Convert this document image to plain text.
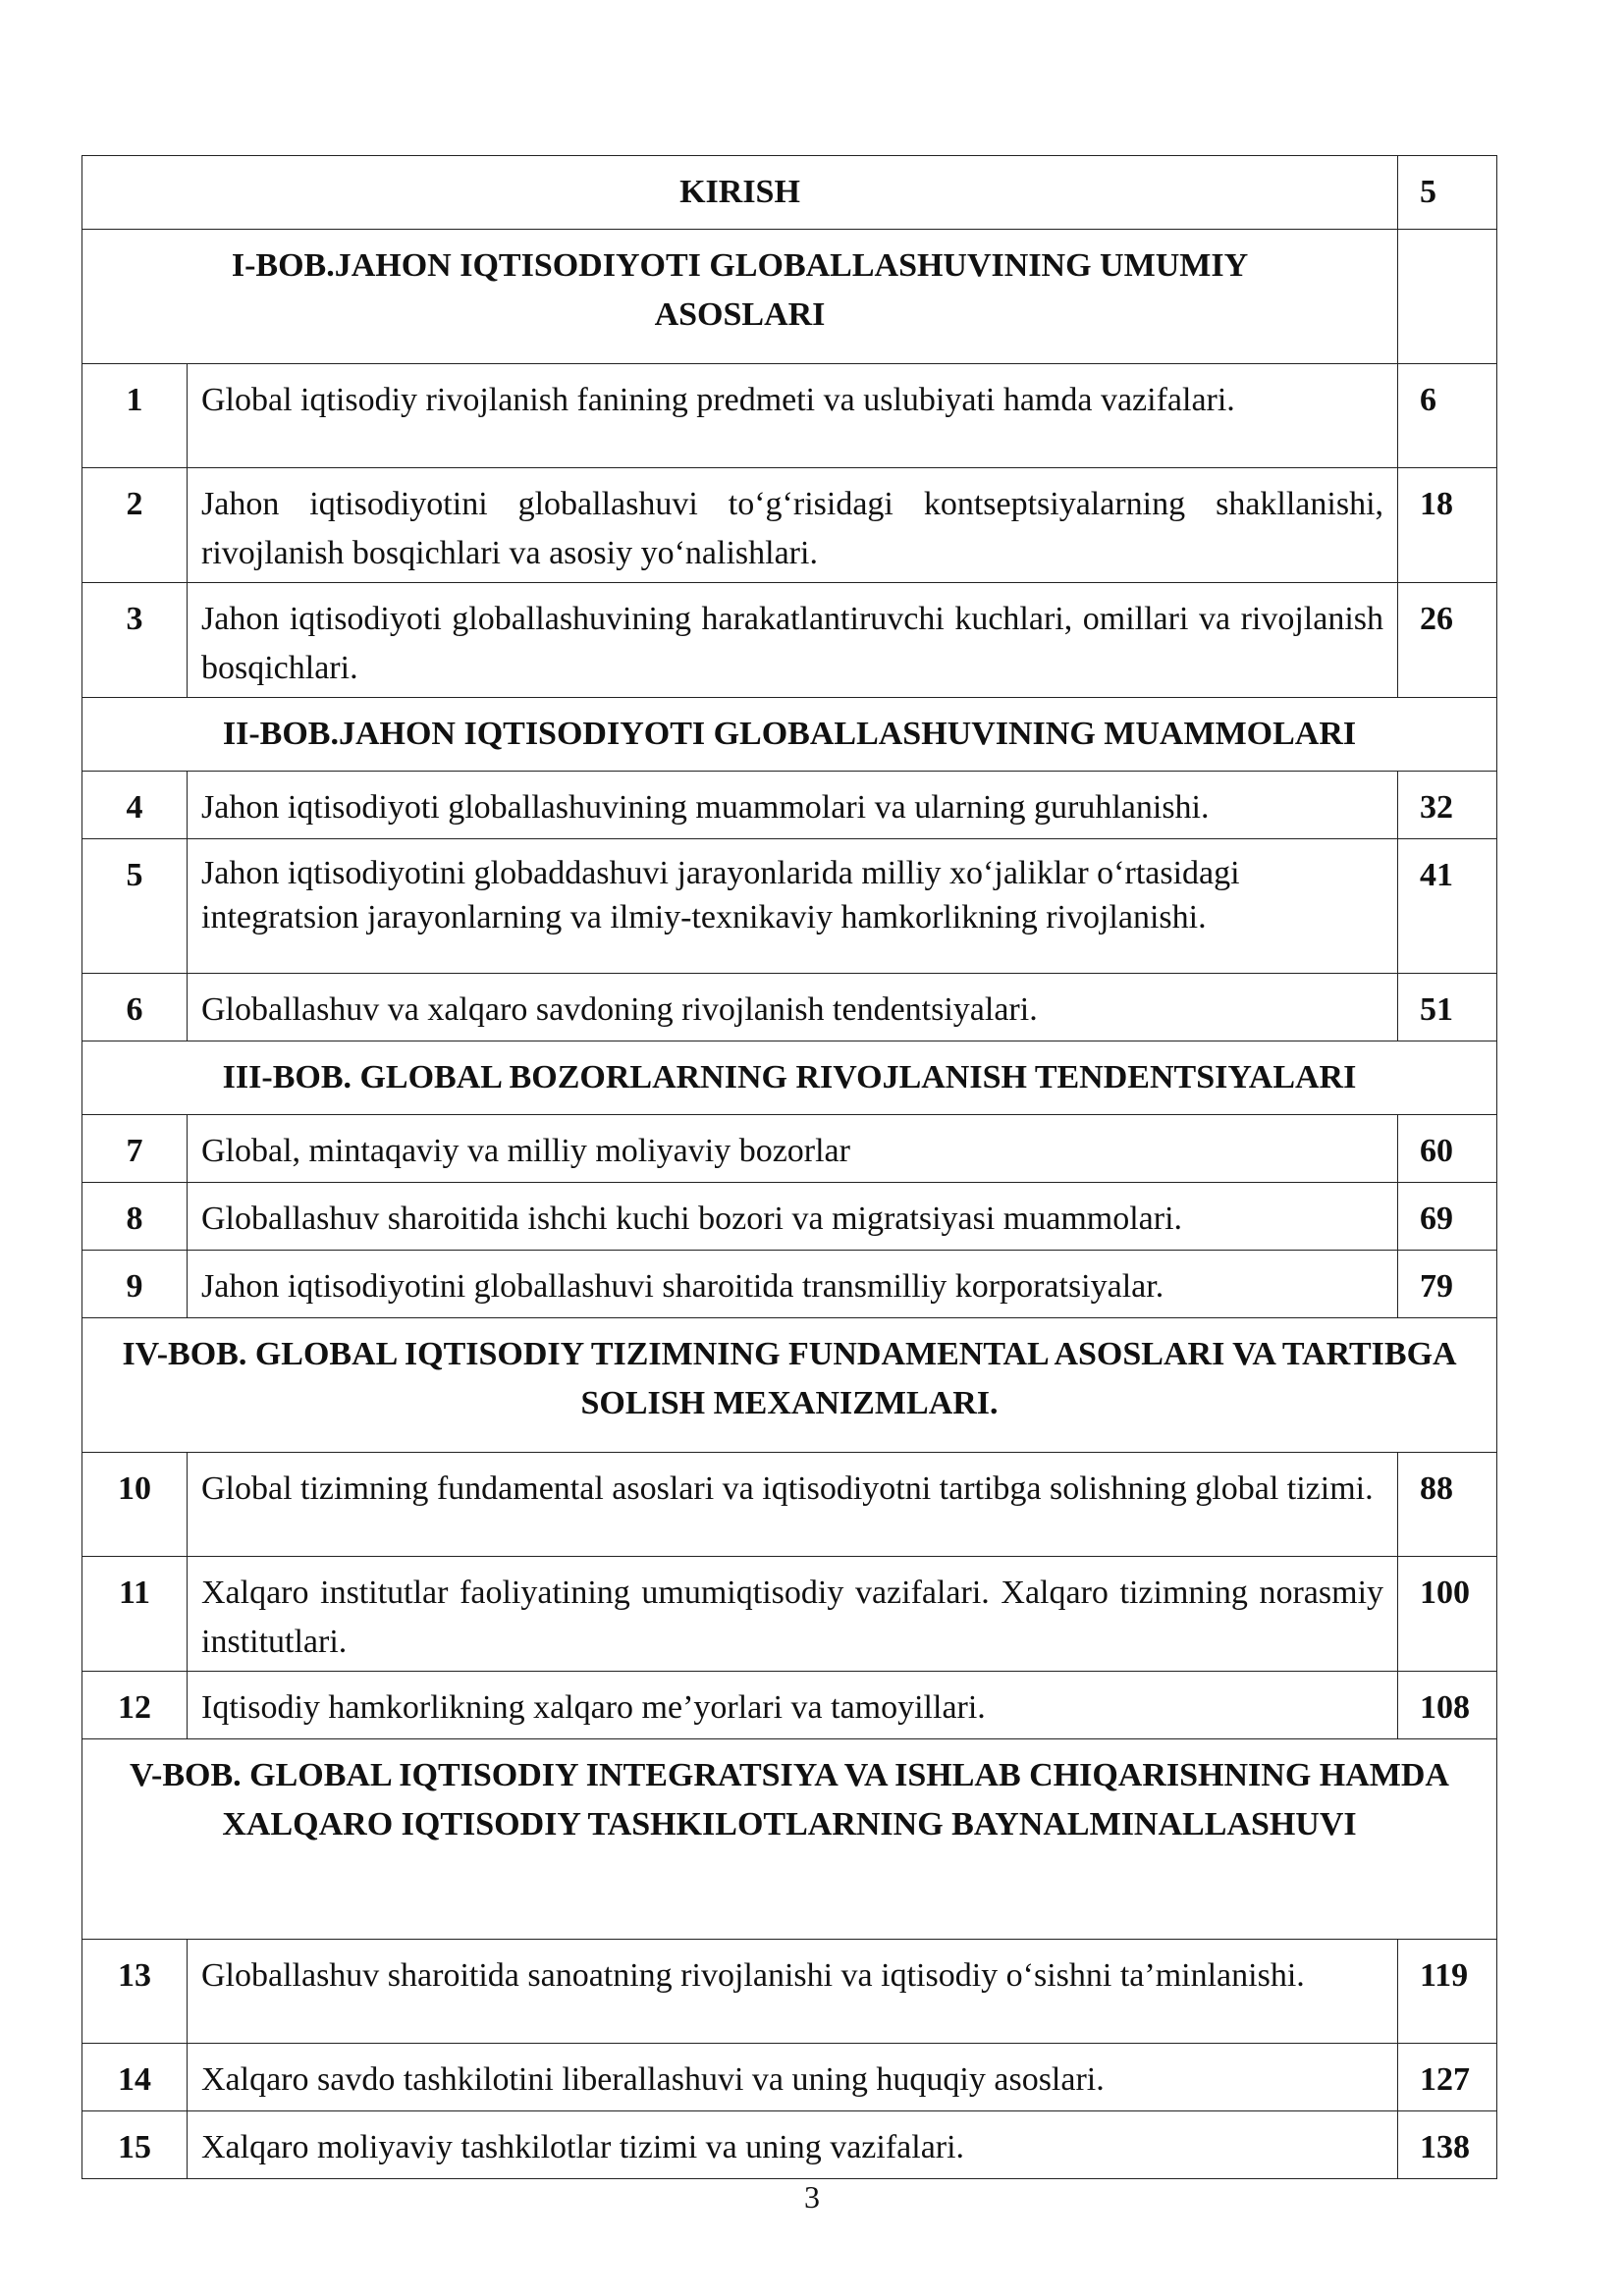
KIRISH		5
I-BOB.JAHON IQTISODIYOTI GLOBALLASHUVINING UMUMIY ASOSLARI		
1	Global iqtisodiy rivojlanish fanining predmeti va uslubiyati hamda vazifalari.	6
2	Jahon iqtisodiyotini globallashuvi to‘g‘risidagi kontseptsiyalarning shakllanishi, rivojlanish bosqichlari va asosiy yo‘nalishlari.	18
3	Jahon iqtisodiyoti globallashuvining harakatlantiruvchi kuchlari, omillari va rivojlanish bosqichlari.	26
II-BOB.JAHON IQTISODIYOTI GLOBALLASHUVINING MUAMMOLARI		
4	Jahon iqtisodiyoti globallashuvining muammolari va ularning guruhlanishi.	32
5	Jahon iqtisodiyotini globaddashuvi jarayonlarida milliy xo‘jaliklar o‘rtasidagi integratsion jarayonlarning va ilmiy-texnikaviy hamkorlikning rivojlanishi.	41
6	Globallashuv va xalqaro savdoning rivojlanish tendentsiyalari.	51
III-BOB. GLOBAL BOZORLARNING RIVOJLANISH TENDENTSIYALARI		
7	Global, mintaqaviy va milliy moliyaviy bozorlar	60
8	Globallashuv sharoitida ishchi kuchi bozori va migratsiyasi muammolari.	69
9	Jahon iqtisodiyotini globallashuvi sharoitida transmilliy korporatsiyalar.	79
IV-BOB. GLOBAL IQTISODIY TIZIMNING FUNDAMENTAL ASOSLARI VA TARTIBGA SOLISH MEXANIZMLARI.		
10	Global tizimning fundamental asoslari va iqtisodiyotni tartibga solishning global tizimi.	88
11	Xalqaro institutlar faoliyatining umumiqtisodiy vazifalari. Xalqaro tizimning norasmiy institutlari.	100
12	Iqtisodiy hamkorlikning xalqaro me’yorlari va tamoyillari.	108
V-BOB. GLOBAL IQTISODIY INTEGRATSIYA VA ISHLAB CHIQARISHNING HAMDA XALQARO IQTISODIY TASHKILOTLARNING BAYNALMINALLASHUVI		
13	Globallashuv sharoitida sanoatning rivojlanishi va iqtisodiy o‘sishni ta’minlanishi.	119
14	Xalqaro savdo tashkilotini liberallashuvi va uning huquqiy asoslari.	127
15	Xalqaro moliyaviy tashkilotlar tizimi va uning vazifalari.	138
3
